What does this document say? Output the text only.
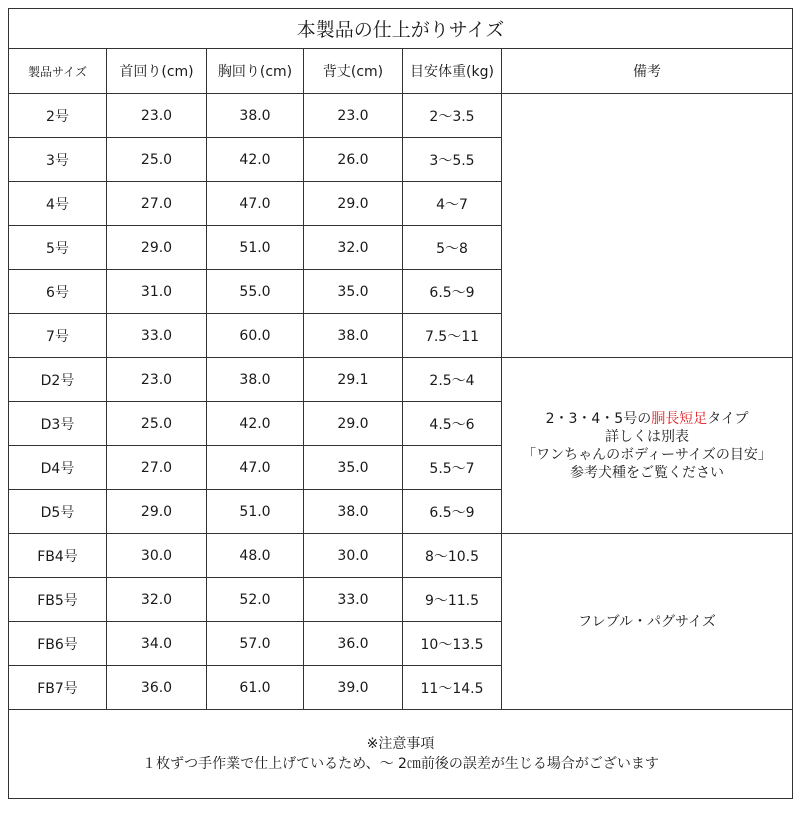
本製品の仕上がりサイズ					
製品サイズ	首回り(cm)	胸回り(cm)	背丈(cm)	目安体重(kg)	備考
2号	23.0	38.0	23.0	2〜3.5	
3号	25.0	42.0	26.0	3〜5.5	
4号	27.0	47.0	29.0	4〜7	
5号	29.0	51.0	32.0	5〜8	
6号	31.0	55.0	35.0	6.5〜9	
7号	33.0	60.0	38.0	7.5〜11	
D2号	23.0	38.0	29.1	2.5〜4	2・3・4・5号の胴長短足タイプ
詳しくは別表
「ワンちゃんのボディーサイズの目安」
参考犬種をご覧ください

D3号	25.0	42.0	29.0	4.5〜6	
D4号	27.0	47.0	35.0	5.5〜7	
D5号	29.0	51.0	38.0	6.5〜9	
FB4号	30.0	48.0	30.0	8〜10.5	フレブル・パグサイズ
FB5号	32.0	52.0	33.0	9〜11.5	
FB6号	34.0	57.0	36.0	10〜13.5	
FB7号	36.0	61.0	39.0	11〜14.5	

※注意事項
１枚ずつ手作業で仕上げているため、〜 2㎝前後の誤差が生じる場合がございます					
